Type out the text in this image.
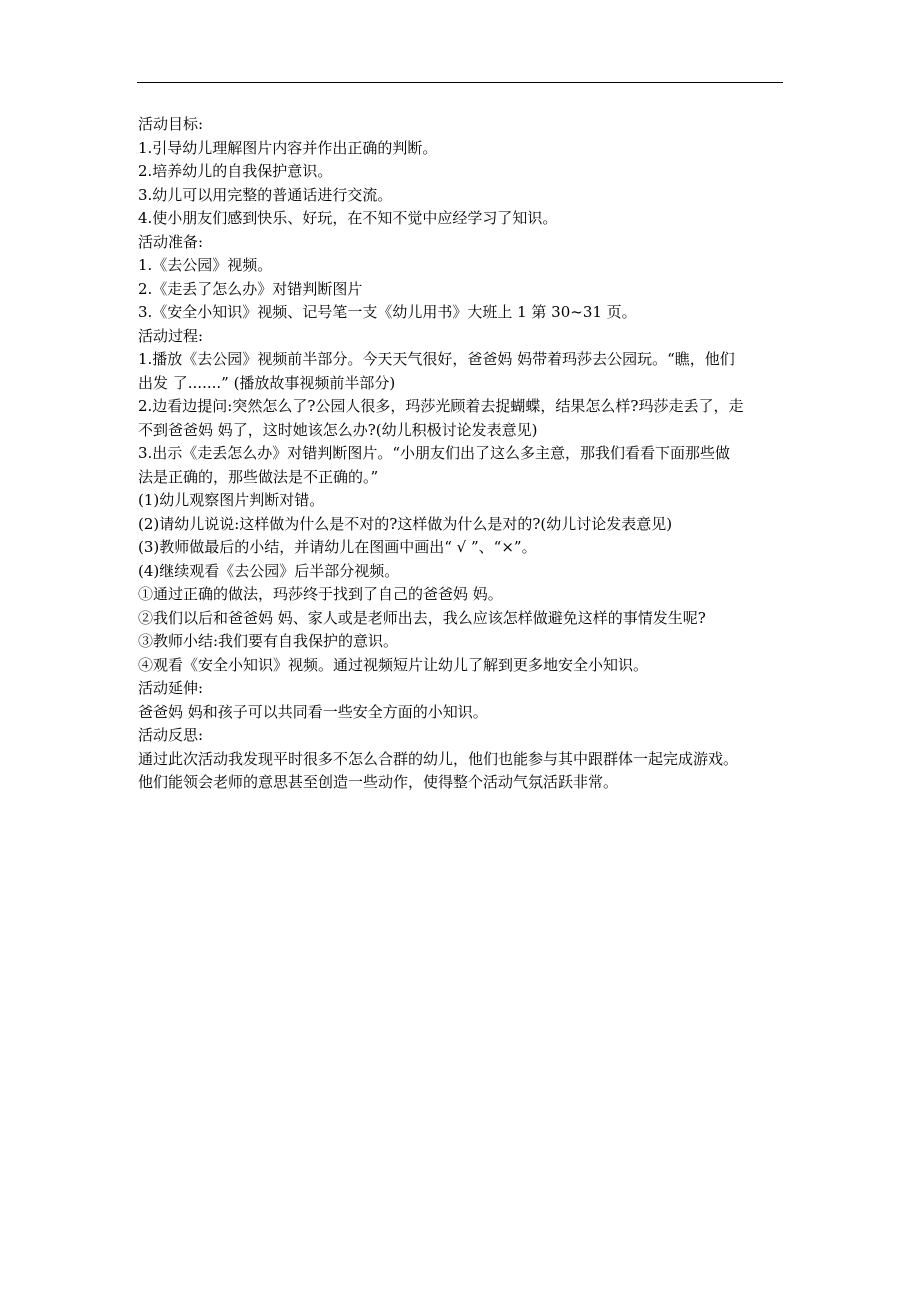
活动目标:
1.引导幼儿理解图片内容并作出正确的判断。
2.培养幼儿的自我保护意识。
3.幼儿可以用完整的普通话进行交流。
4.使小朋友们感到快乐、好玩，在不知不觉中应经学习了知识。
活动准备:
1.《去公园》视频。
2.《走丢了怎么办》对错判断图片
3.《安全小知识》视频、记号笔一支《幼儿用书》大班上 1 第 30~31 页。
活动过程:
1.播放《去公园》视频前半部分。今天天气很好，爸爸妈 妈带着玛莎去公园玩。“瞧，他们
出发 了.......” (播放故事视频前半部分)
2.边看边提问:突然怎么了?公园人很多，玛莎光顾着去捉蝴蝶，结果怎么样?玛莎走丢了，走
不到爸爸妈 妈了，这时她该怎么办?(幼儿积极讨论发表意见)
3.出示《走丢怎么办》对错判断图片。“小朋友们出了这么多主意，那我们看看下面那些做
法是正确的，那些做法是不正确的。”
(1)幼儿观察图片判断对错。
(2)请幼儿说说:这样做为什么是不对的?这样做为什么是对的?(幼儿讨论发表意见)
(3)教师做最后的小结，并请幼儿在图画中画出“ √ ”、“×”。
(4)继续观看《去公园》后半部分视频。
①通过正确的做法，玛莎终于找到了自己的爸爸妈 妈。
②我们以后和爸爸妈 妈、家人或是老师出去，我么应该怎样做避免这样的事情发生呢?
③教师小结:我们要有自我保护的意识。
④观看《安全小知识》视频。通过视频短片让幼儿了解到更多地安全小知识。
活动延伸:
爸爸妈 妈和孩子可以共同看一些安全方面的小知识。
活动反思:
通过此次活动我发现平时很多不怎么合群的幼儿，他们也能参与其中跟群体一起完成游戏。
他们能领会老师的意思甚至创造一些动作，使得整个活动气氛活跃非常。
